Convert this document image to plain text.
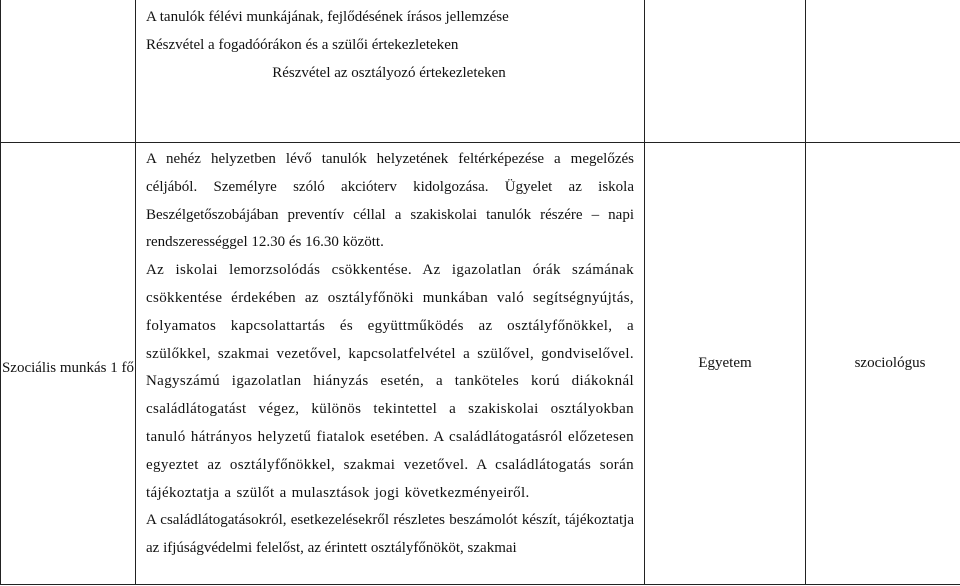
	A tanulók félévi munkájának, fejlődésének írásos jellemzése
Részvétel a fogadóórákon és a szülői értekezleteken
Részvétel az osztályozó értekezleteken		

Szociális munkás 1 fő	A nehéz helyzetben lévő tanulók helyzetének feltérképezése a megelőzés céljából. Személyre szóló akcióterv kidolgozása. Ügyelet az iskola Beszélgetőszobájában preventív céllal a szakiskolai tanulók részére – napi rendszerességgel 12.30 és 16.30 között.
Az iskolai lemorzsolódás csökkentése. Az igazolatlan órák számának csökkentése érdekében az osztályfőnöki munkában való segítségnyújtás, folyamatos kapcsolattartás és együttműködés az osztályfőnökkel, a szülőkkel, szakmai vezetővel, kapcsolatfelvétel a szülővel, gondviselővel. Nagyszámú igazolatlan hiányzás esetén, a tanköteles korú diákoknál családlátogatást végez, különös tekintettel a szakiskolai osztályokban tanuló hátrányos helyzetű fiatalok esetében. A családlátogatásról előzetesen egyeztet az osztályfőnökkel, szakmai vezetővel. A családlátogatás során tájékoztatja a szülőt a mulasztások jogi következményeiről.
A családlátogatásokról, esetkezelésekről részletes beszámolót készít, tájékoztatja az ifjúságvédelmi felelőst, az érintett osztályfőnököt, szakmai	Egyetem	szociológus
